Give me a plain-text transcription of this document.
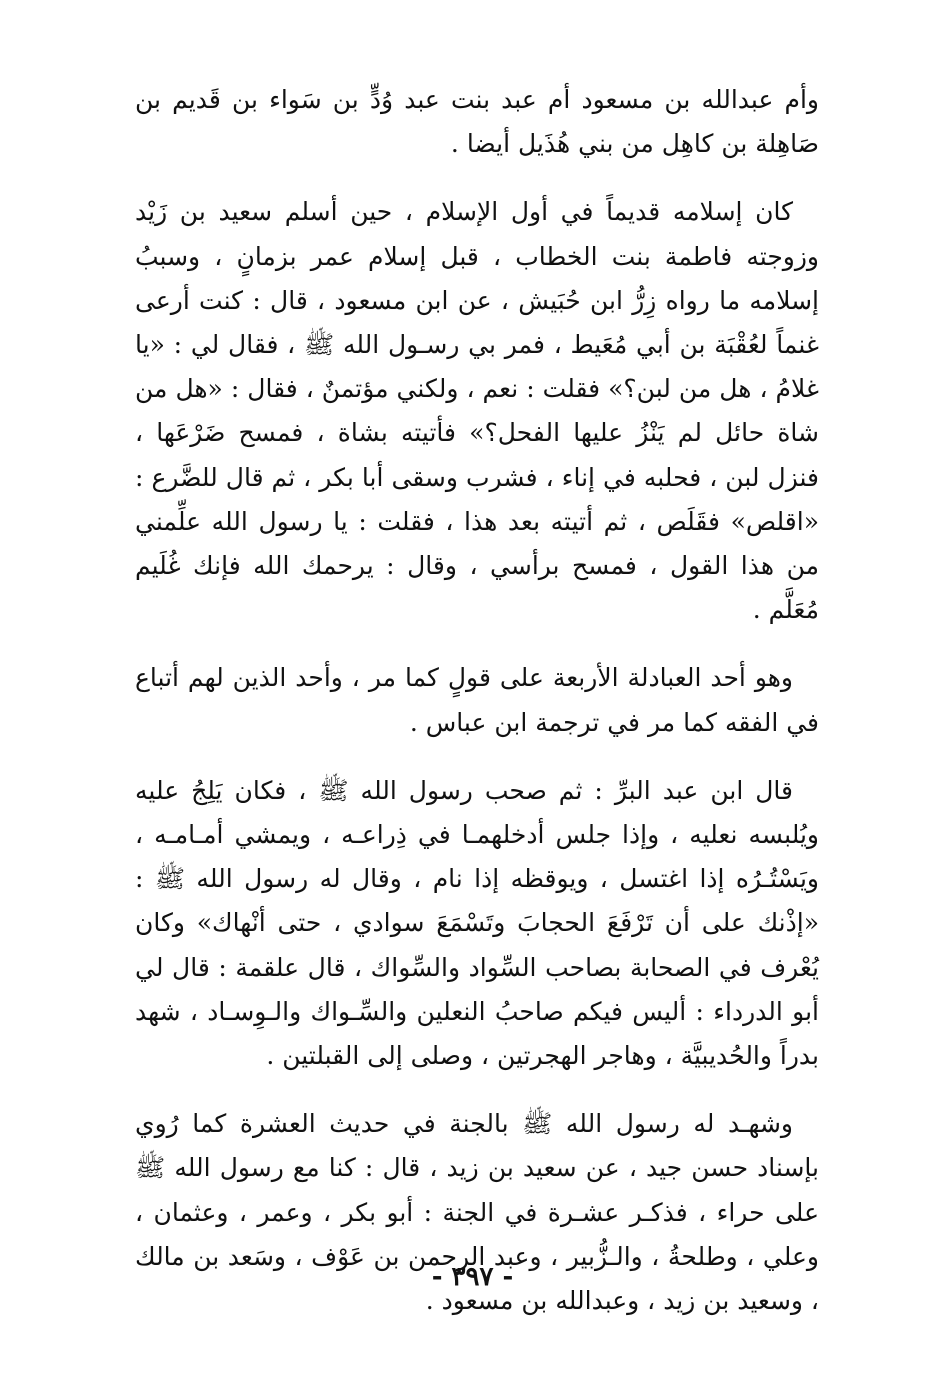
وأم عبدالله بن مسعود أم عبد بنت عبد وُدٍّ بن سَواء بن قَديم بن صَاهِلة بن كاهِل من بني هُذَيل أيضا .

كان إسلامه قديماً في أول الإسلام ، حين أسلم سعيد بن زَيْد وزوجته فاطمة بنت الخطاب ، قبل إسلام عمر بزمانٍ ، وسببُ إسلامه ما رواه زِرُّ ابن حُبَيش ، عن ابن مسعود ، قال : كنت أرعى غنماً لعُقْبَة بن أبي مُعَيط ، فمر بي رسـول الله ﷺ ، فقال لي : «يا غلامُ ، هل من لبن؟» فقلت : نعم ، ولكني مؤتمنٌ ، فقال : «هل من شاة حائل لم يَنْزُ عليها الفحل؟» فأتيته بشاة ، فمسح ضَرْعَها ، فنزل لبن ، فحلبه في إناء ، فشرب وسقى أبا بكر ، ثم قال للضَّرع : «اقلص» فقَلَص ، ثم أتيته بعد هذا ، فقلت : يا رسول الله علِّمني من هذا القول ، فمسح برأسي ، وقال : يرحمك الله فإنك غُلَيم مُعَلَّم .

وهو أحد العبادلة الأربعة على قولٍ كما مر ، وأحد الذين لهم أتباع في الفقه كما مر في ترجمة ابن عباس .

قال ابن عبد البرِّ : ثم صحب رسول الله ﷺ ، فكان يَلِجُ عليه ويُلبسه نعليه ، وإذا جلس أدخلهمـا في ذِراعـه ، ويمشي أمـامـه ، ويَسْتُـرُه إذا اغتسل ، ويوقظه إذا نام ، وقال له رسول الله ﷺ : «إذْنك على أن تَرْفَعَ الحجابَ وتَسْمَعَ سوادي ، حتى أنْهاك» وكان يُعْرف في الصحابة بصاحب السِّواد والسِّواك ، قال علقمة : قال لي أبو الدرداء : أليس فيكم صاحبُ النعلين والسِّـواك والـوِسـاد ، شهد بدراً والحُديبيَّة ، وهاجر الهجرتين ، وصلى إلى القبلتين .

وشهـد له رسول الله ﷺ بالجنة في حديث العشرة كما رُوي بإسناد حسن جيد ، عن سعيد بن زيد ، قال : كنا مع رسول الله ﷺ على حراء ، فذكـر عشـرة في الجنة : أبو بكر ، وعمر ، وعثمان ، وعلي ، وطلحةُ ، والـزُّبير ، وعبد الرحمن بن عَوْف ، وسَعد بن مالك ، وسعيد بن زيد ، وعبدالله بن مسعود .

- ٣٩٧ -
